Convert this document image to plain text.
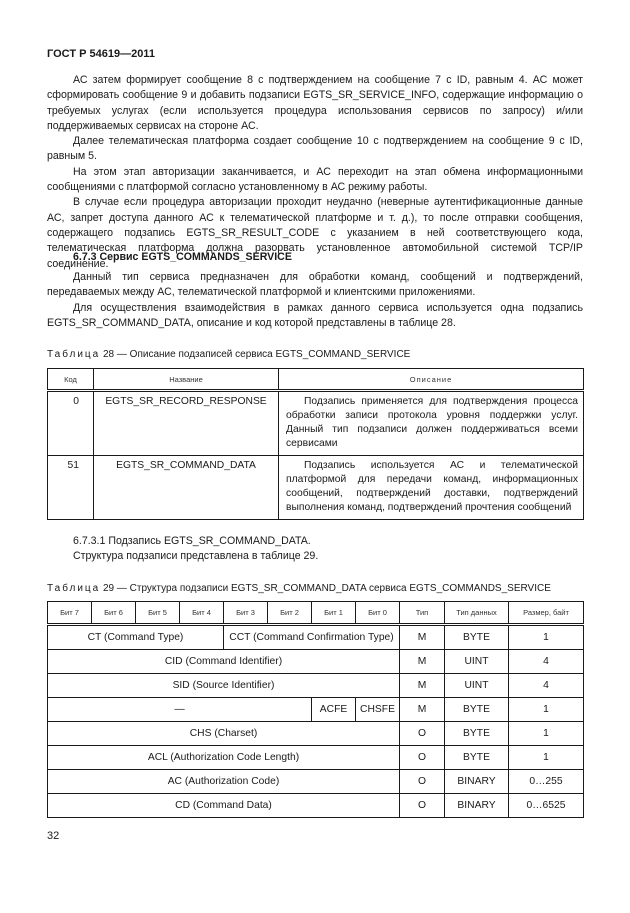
ГОСТ Р 54619—2011

АС затем формирует сообщение 8 с подтверждением на сообщение 7 с ID, равным 4. АС может сформировать сообщение 9 и добавить подзаписи EGTS_SR_SERVICE_INFO, содержащие информацию о требуемых услугах (если используется процедура использования сервисов по запросу) и/или поддерживаемых сервисах на стороне АС.

Далее телематическая платформа создает сообщение 10 с подтверждением на сообщение 9 с ID, равным 5.

На этом этап авторизации заканчивается, и АС переходит на этап обмена информационными сообщениями с платформой согласно установленному в АС режиму работы.

В случае если процедура авторизации проходит неудачно (неверные аутентификационные данные АС, запрет доступа данного АС к телематической платформе и т. д.), то после отправки сообщения, содержащего подзапись EGTS_SR_RESULT_CODE с указанием в ней соответствующего кода, телематическая платформа должна разорвать установленное автомобильной системой TCP/IP соединение.

6.7.3 Сервис EGTS_COMMANDS_SERVICE

Данный тип сервиса предназначен для обработки команд, сообщений и подтверждений, передаваемых между АС, телематической платформой и клиентскими приложениями.

Для осуществления взаимодействия в рамках данного сервиса используется одна подзапись EGTS_SR_COMMAND_DATA, описание и код которой представлены в таблице 28.

Таблица 28 — Описание подзаписей сервиса EGTS_COMMAND_SERVICE
Код	Название	Описание
0	EGTS_SR_RECORD_RESPONSE	Подзапись применяется для подтверждения процесса обработки записи протокола уровня поддержки услуг. Данный тип подзаписи должен поддерживаться всеми сервисами

51	EGTS_SR_COMMAND_DATA	Подзапись используется АС и телематической платформой для передачи команд, информационных сообщений, подтверждений доставки, подтверждений выполнения команд, подтверждений прочтения сообщений

6.7.3.1 Подзапись EGTS_SR_COMMAND_DATA.

Структура подзаписи представлена в таблице 29.

Таблица 29 — Структура подзаписи EGTS_SR_COMMAND_DATA сервиса EGTS_COMMANDS_SERVICE
Бит 7	Бит 6	Бит 5	Бит 4	Бит 3	Бит 2	Бит 1	Бит 0	Тип	Тип данных	Размер, байт
CT (Command Type)				CCT (Command Confirmation Type)				M	BYTE	1
CID (Command Identifier)								M	UINT	4
SID (Source Identifier)								M	UINT	4
—						ACFE	CHSFE	M	BYTE	1
CHS (Charset)								O	BYTE	1
ACL (Authorization Code Length)								O	BYTE	1
AC (Authorization Code)								O	BINARY	0…255
CD (Command Data)								O	BINARY	0…6525
32
